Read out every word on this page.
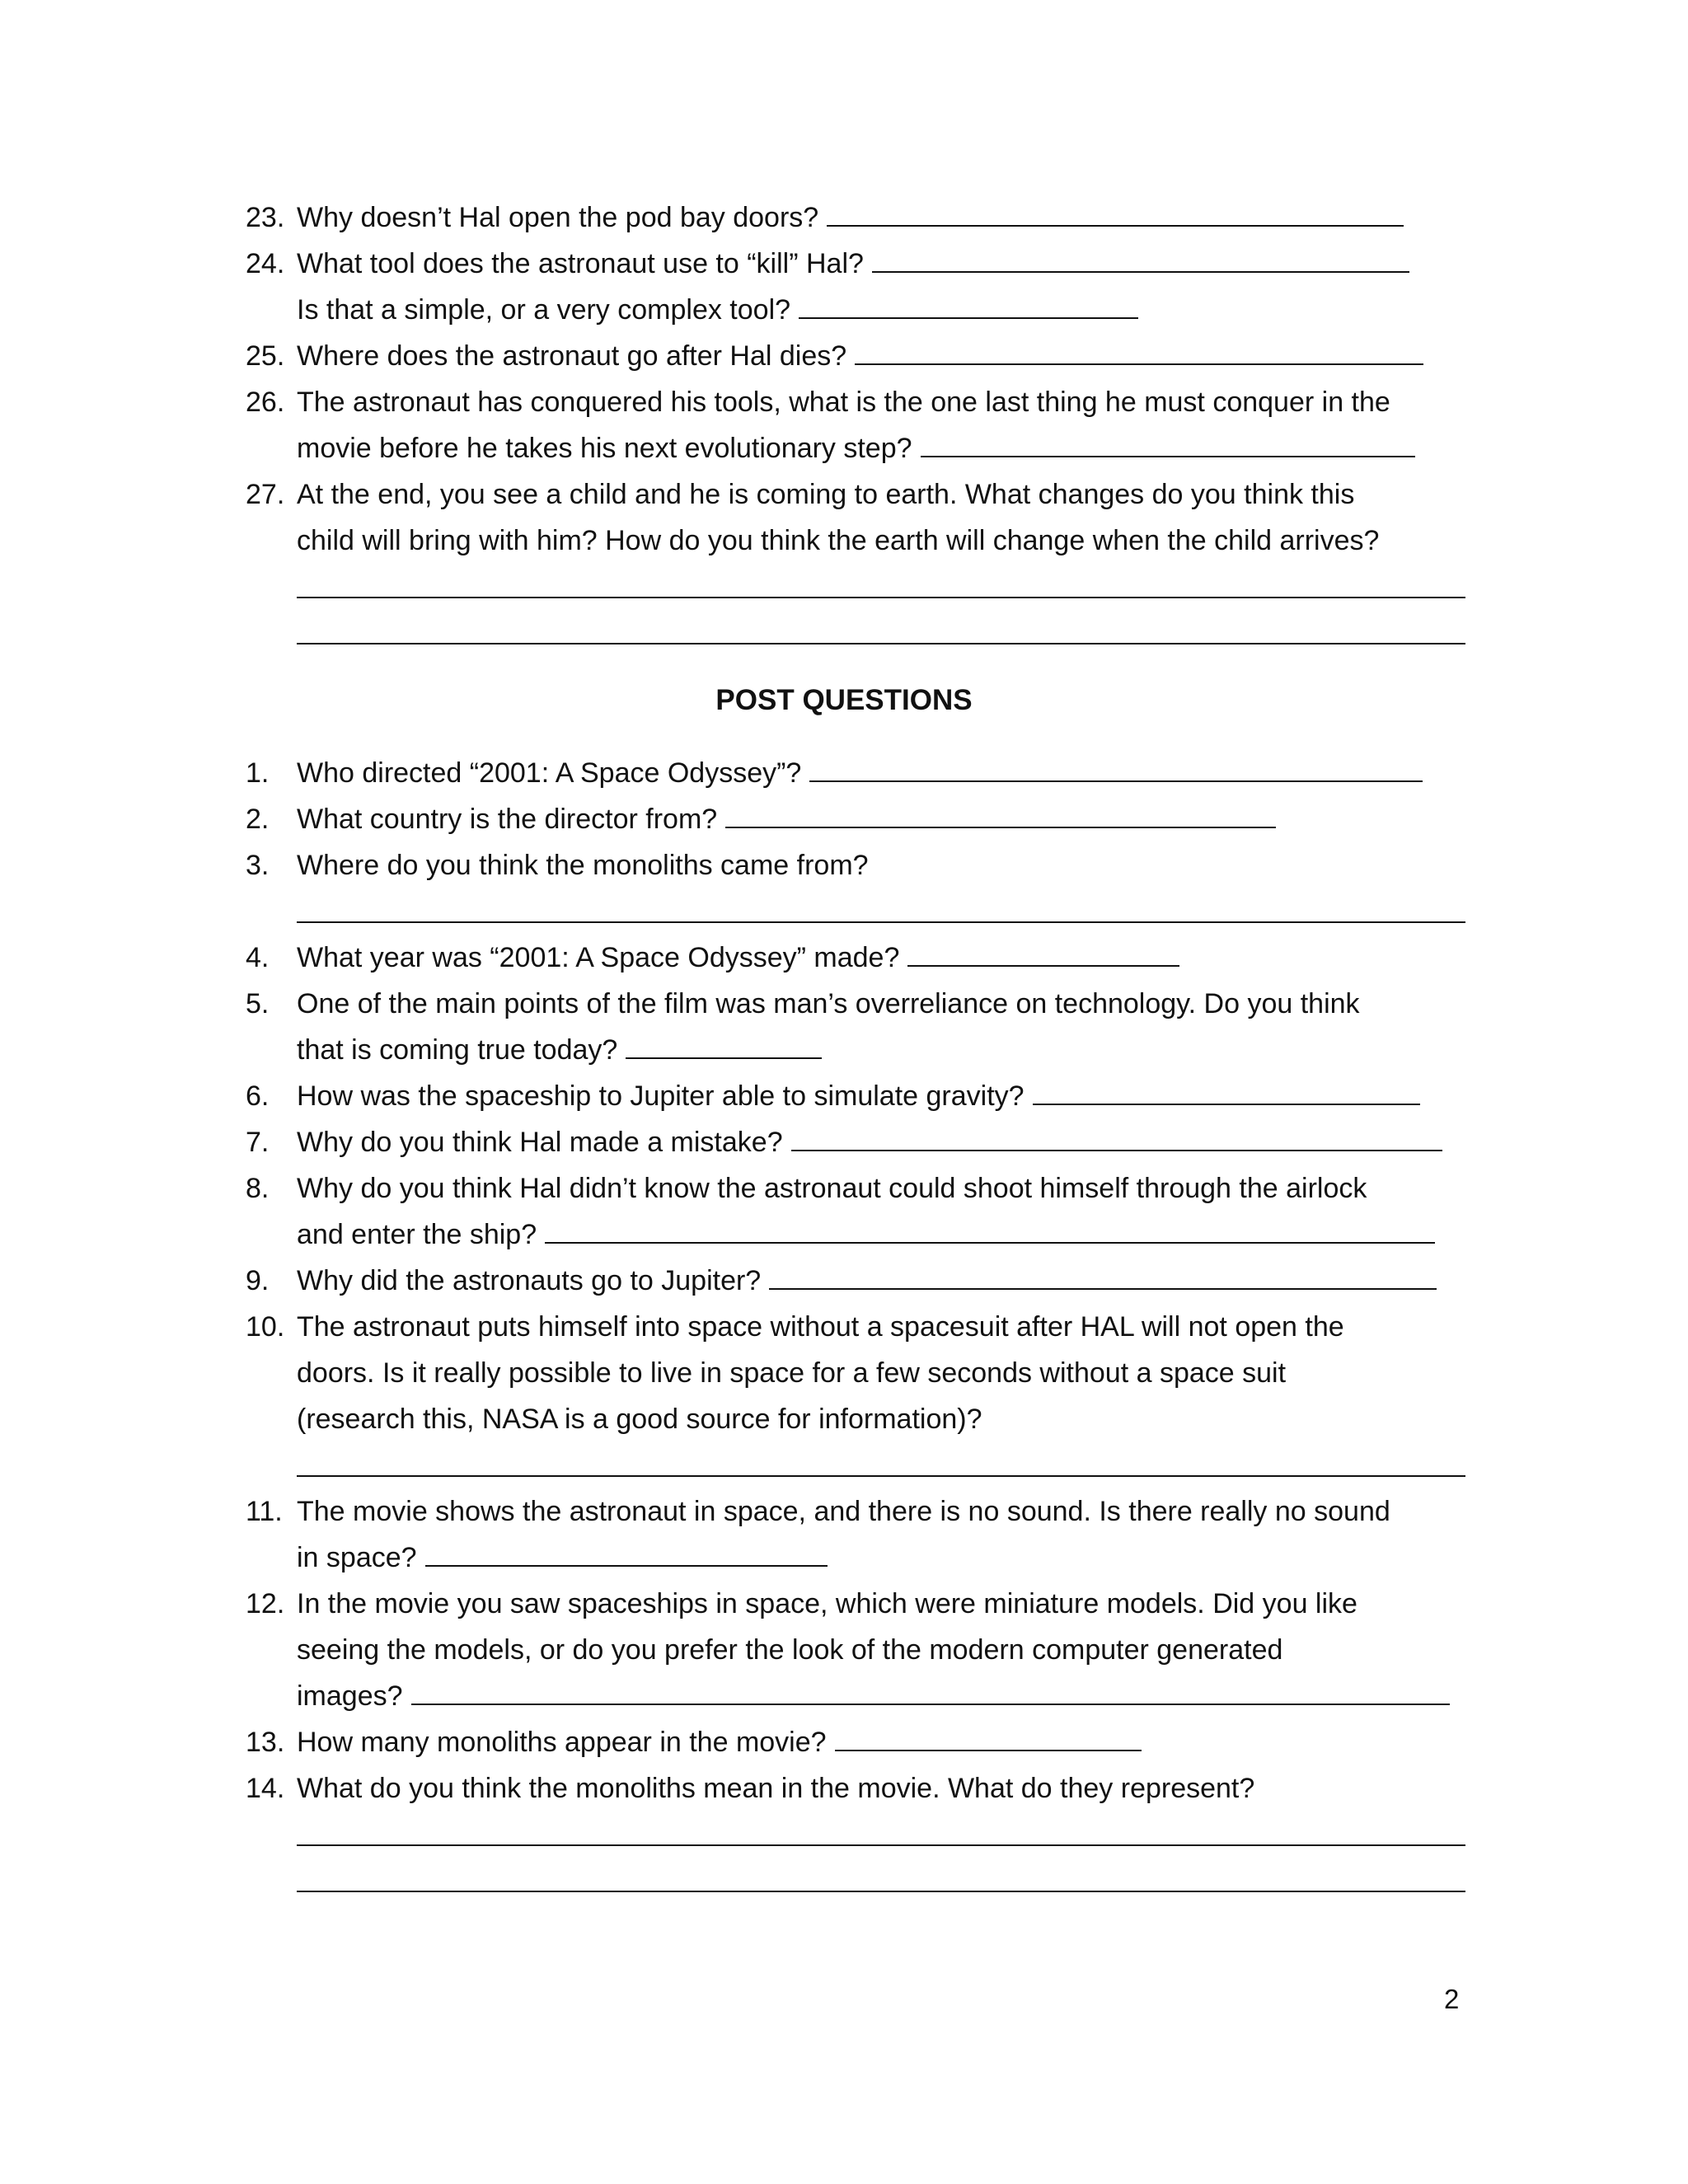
23. Why doesn’t Hal open the pod bay doors?
24. What tool does the astronaut use to “kill” Hal?
Is that a simple, or a very complex tool?
25. Where does the astronaut go after Hal dies?
26. The astronaut has conquered his tools, what is the one last thing he must conquer in the
movie before he takes his next evolutionary step?
27. At the end, you see a child and he is coming to earth. What changes do you think this
child will bring with him? How do you think the earth will change when the child arrives?
POST QUESTIONS
1. Who directed “2001: A Space Odyssey”?
2. What country is the director from?
3. Where do you think the monoliths came from?
4. What year was “2001: A Space Odyssey” made?
5. One of the main points of the film was man’s overreliance on technology. Do you think
that is coming true today?
6. How was the spaceship to Jupiter able to simulate gravity?
7. Why do you think Hal made a mistake?
8. Why do you think Hal didn’t know the astronaut could shoot himself through the airlock
and enter the ship?
9. Why did the astronauts go to Jupiter?
10. The astronaut puts himself into space without a spacesuit after HAL will not open the
doors. Is it really possible to live in space for a few seconds without a space suit
(research this, NASA is a good source for information)?
11. The movie shows the astronaut in space, and there is no sound. Is there really no sound
in space?
12. In the movie you saw spaceships in space, which were miniature models. Did you like
seeing the models, or do you prefer the look of the modern computer generated
images?
13. How many monoliths appear in the movie?
14. What do you think the monoliths mean in the movie. What do they represent?
2
